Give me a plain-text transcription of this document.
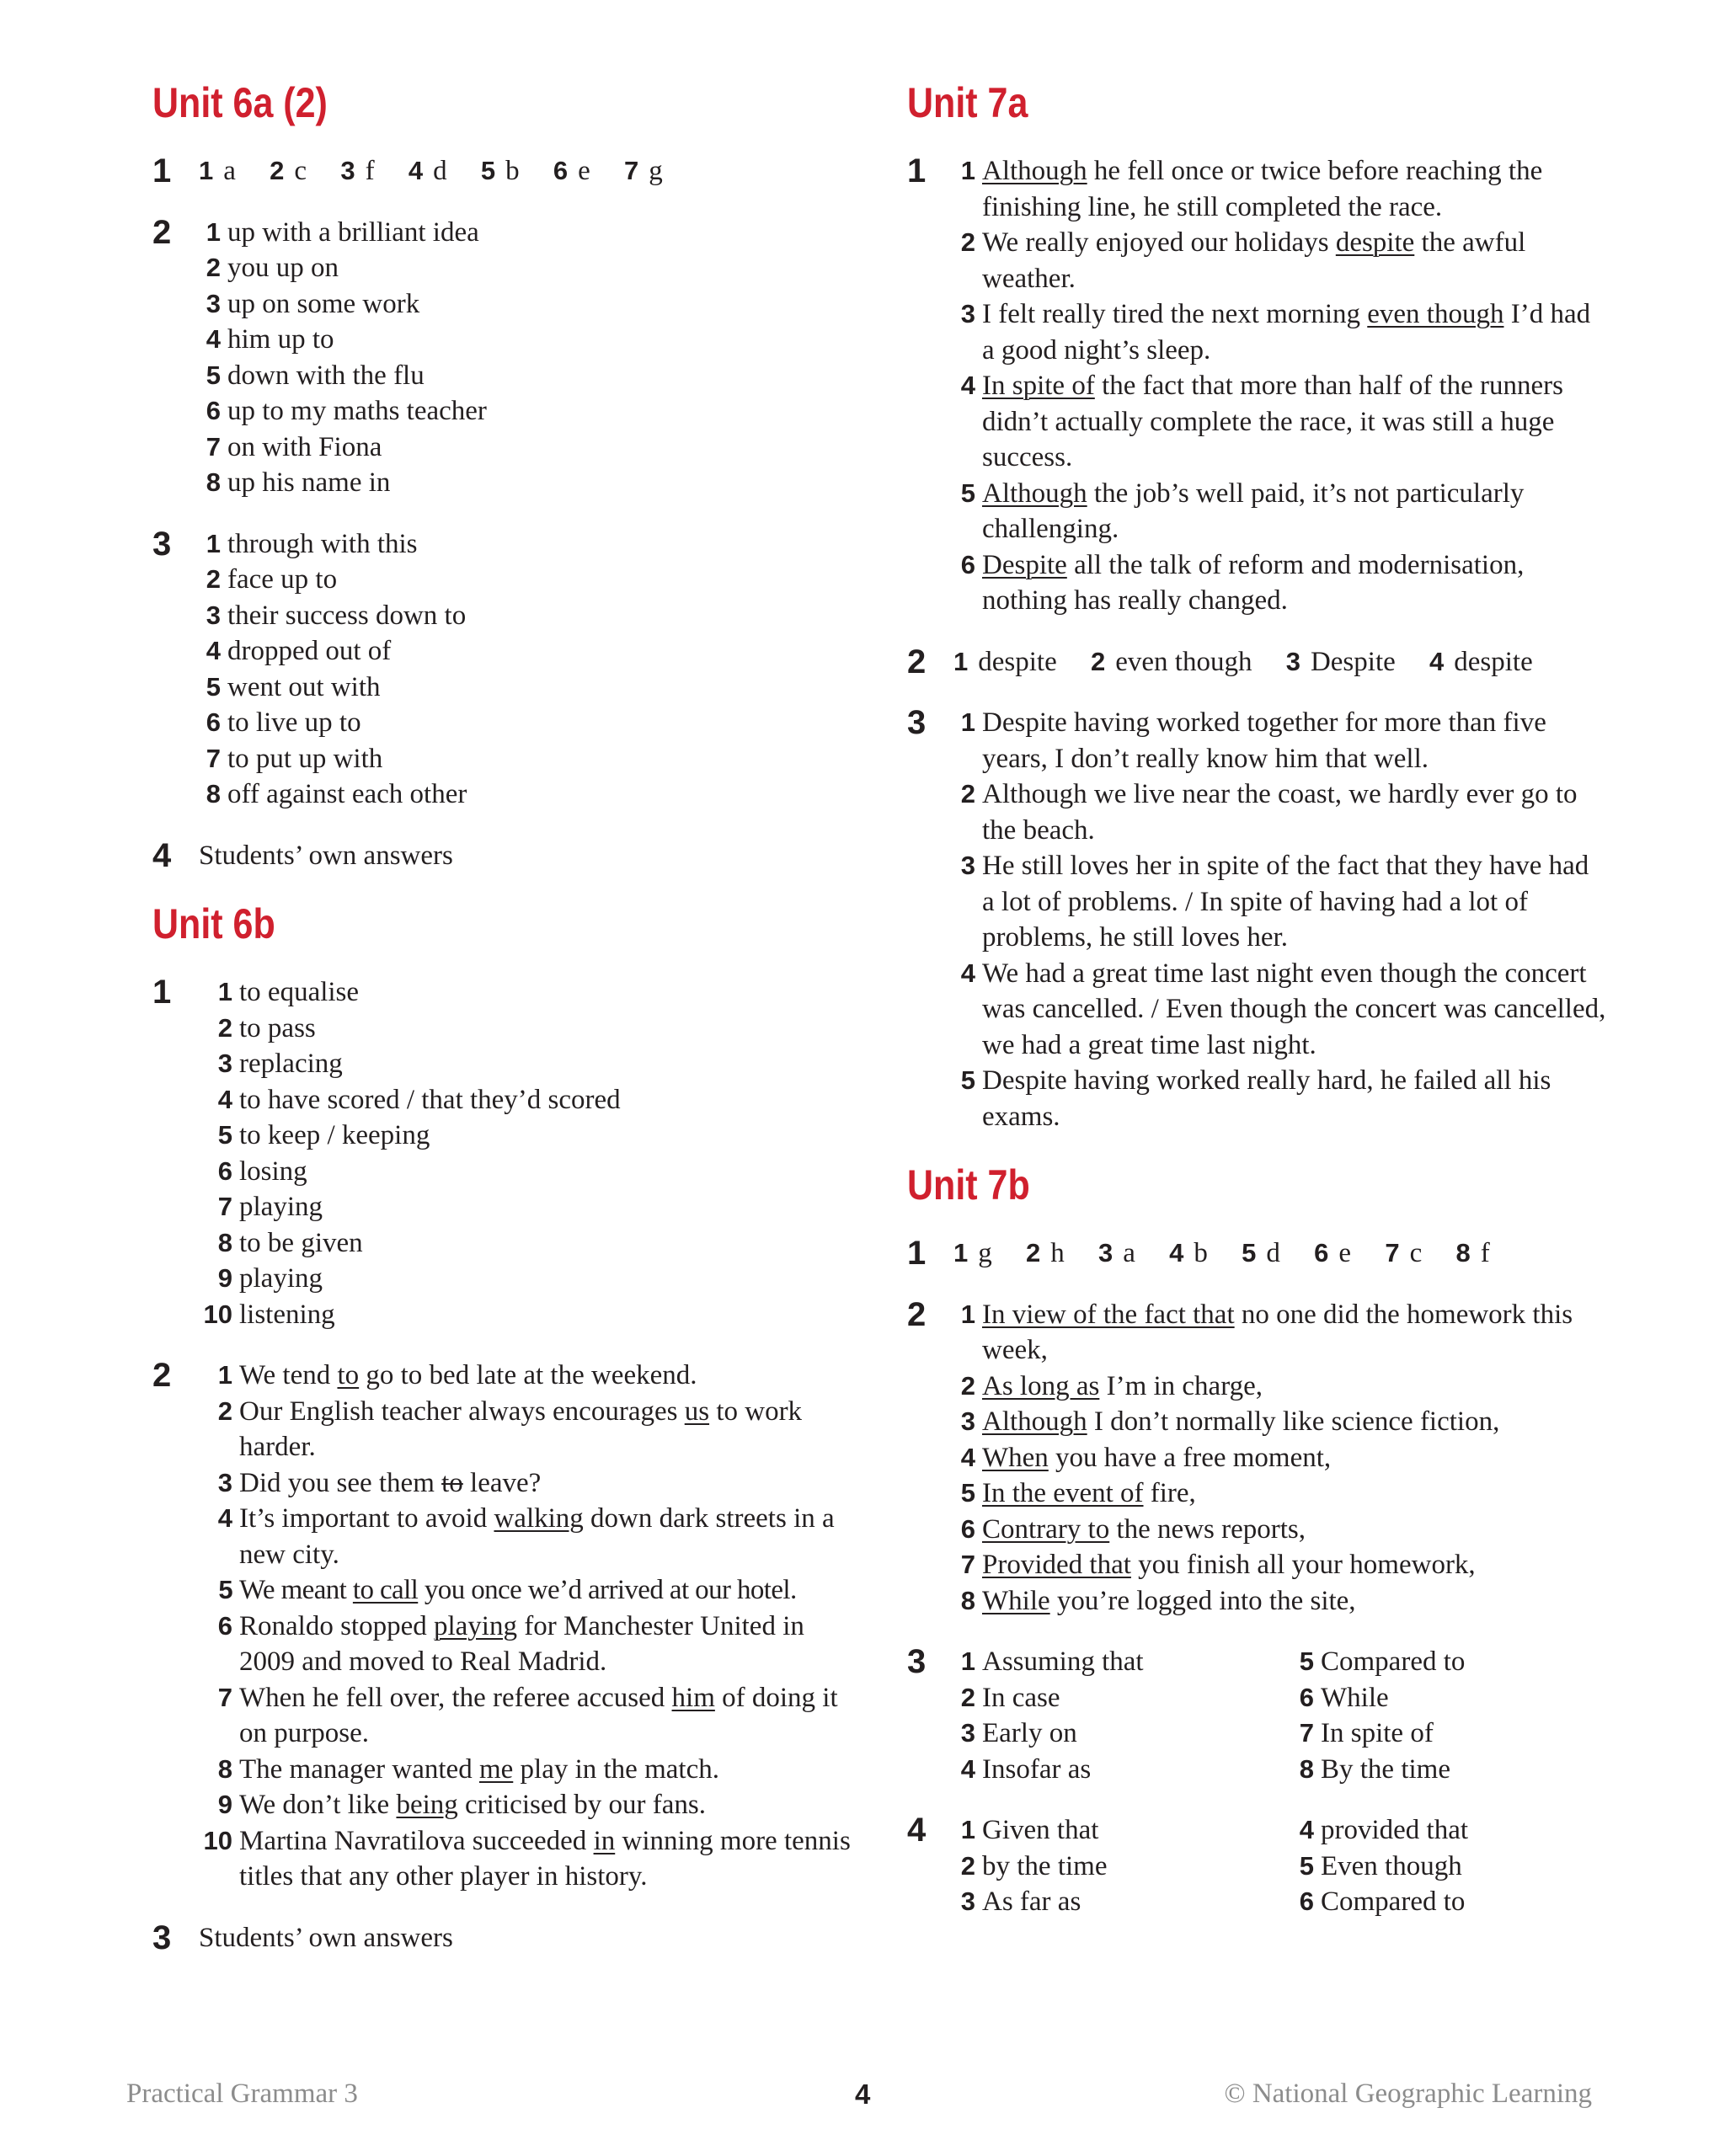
Unit 6a (2)
1 1 a 2 c 3 f 4 d 5 b 6 e 7 g
2 1 up with a brilliant idea
2 you up on
3 up on some work
4 him up to
5 down with the flu
6 up to my maths teacher
7 on with Fiona
8 up his name in
3 1 through with this
2 face up to
3 their success down to
4 dropped out of
5 went out with
6 to live up to
7 to put up with
8 off against each other
4 Students’ own answers
Unit 6b
1	1 to equalise
2 to pass
3 replacing
4 to have scored / that they’d scored
5 to keep / keeping
6 losing
7 playing
8 to be given
9 playing
10 listening
2	1 We tend to go to bed late at the weekend.
2 Our English teacher always encourages us to work harder.
3 Did you see them to leave?
4 It’s important to avoid walking down dark streets in a new city.
5 We meant to call you once we’d arrived at our hotel.
6 Ronaldo stopped playing for Manchester United in 2009 and moved to Real Madrid.
7 When he fell over, the referee accused him of doing it on purpose.
8 The manager wanted me play in the match.
9 We don’t like being criticised by our fans.
10 Martina Navratilova succeeded in winning more tennis titles that any other player in history.
3 Students’ own answers
Unit 7a
1 1 Although he fell once or twice before reaching the finishing line, he still completed the race.
2 We really enjoyed our holidays despite the awful weather.
3 I felt really tired the next morning even though I’d had a good night’s sleep.
4 In spite of the fact that more than half of the runners didn’t actually complete the race, it was still a huge success.
5 Although the job’s well paid, it’s not particularly challenging.
6 Despite all the talk of reform and modernisation, nothing has really changed.
2 1 despite 2 even though 3 Despite 4 despite
3 1 Despite having worked together for more than five years, I don’t really know him that well.
2 Although we live near the coast, we hardly ever go to the beach.
3 He still loves her in spite of the fact that they have had a lot of problems. / In spite of having had a lot of problems, he still loves her.
4 We had a great time last night even though the concert was cancelled. / Even though the concert was cancelled, we had a great time last night.
5 Despite having worked really hard, he failed all his exams.
Unit 7b
1 1 g 2 h 3 a 4 b 5 d 6 e 7 c 8 f
2 1 In view of the fact that no one did the homework this week,
2 As long as I’m in charge,
3 Although I don’t normally like science fiction,
4 When you have a free moment,
5 In the event of fire,
6 Contrary to the news reports,
7 Provided that you finish all your homework,
8 While you’re logged into the site,
3 1 Assuming that	5 Compared to
2 In case	6 While
3 Early on	7 In spite of
4 Insofar as	8 By the time
4 1 Given that	4 provided that
2 by the time	5 Even though
3 As far as	6 Compared to
Practical Grammar 3	4	© National Geographic Learning
